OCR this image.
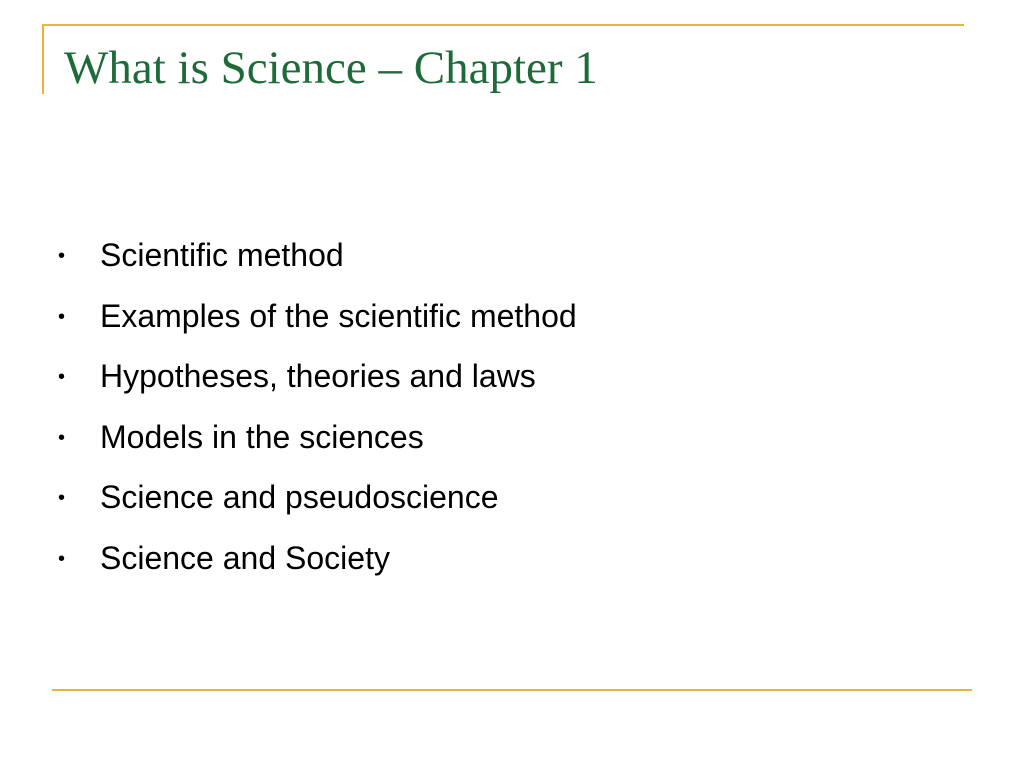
What is Science – Chapter 1
•	Scientific method
•	Examples of the scientific method
•	Hypotheses, theories and laws
•	Models in the sciences
•	Science and pseudoscience
•	Science and Society
